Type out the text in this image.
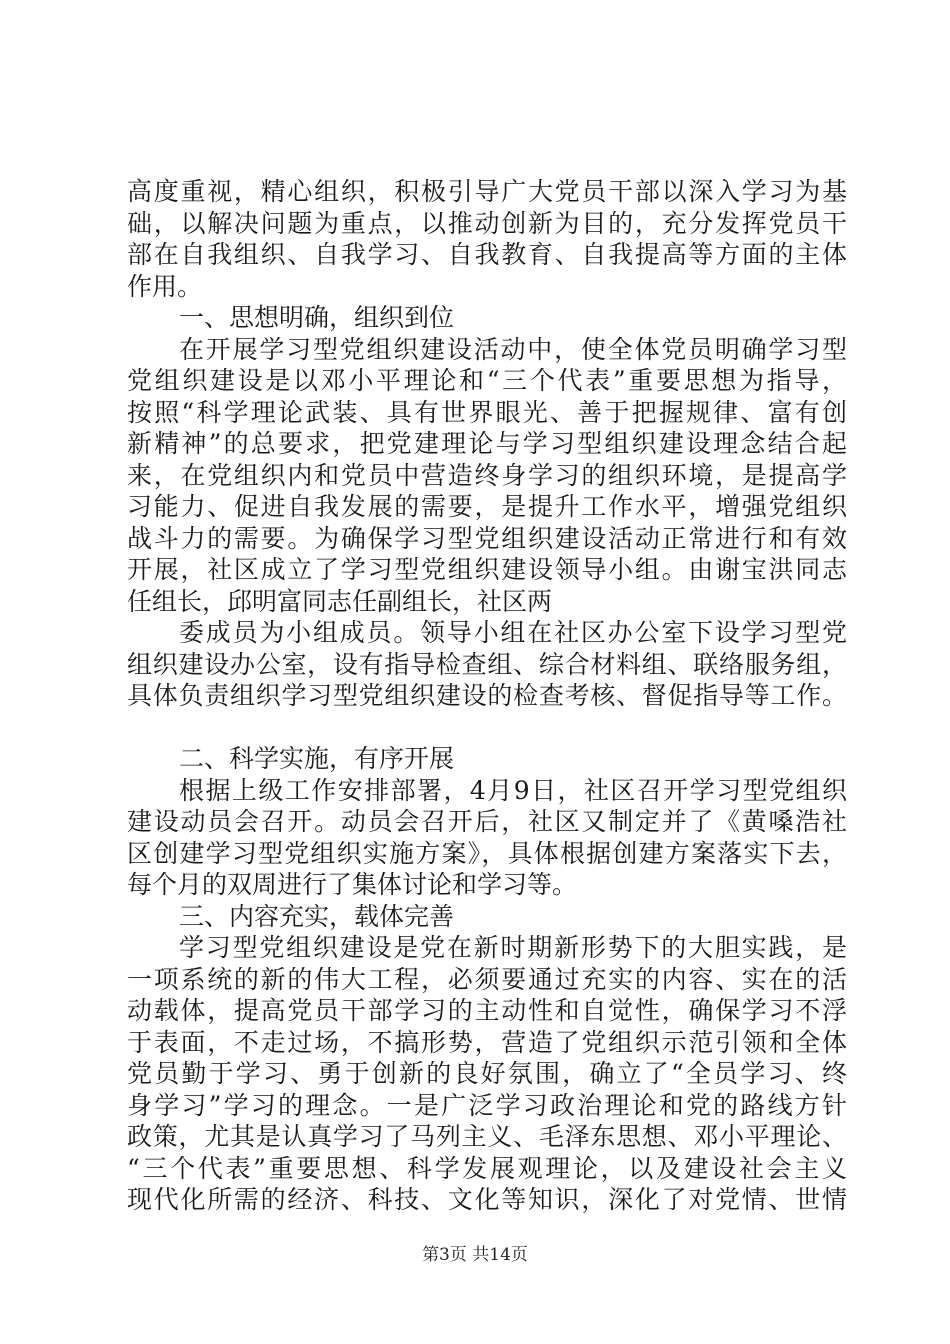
高度重视，精心组织，积极引导广大党员干部以深入学习为基
础，以解决问题为重点，以推动创新为目的，充分发挥党员干
部在自我组织、自我学习、自我教育、自我提高等方面的主体
作用。
一、思想明确，组织到位
在开展学习型党组织建设活动中，使全体党员明确学习型
党组织建设是以邓小平理论和“三个代表”重要思想为指导，
按照“科学理论武装、具有世界眼光、善于把握规律、富有创
新精神”的总要求，把党建理论与学习型组织建设理念结合起
来，在党组织内和党员中营造终身学习的组织环境，是提高学
习能力、促进自我发展的需要，是提升工作水平，增强党组织
战斗力的需要。为确保学习型党组织建设活动正常进行和有效
开展，社区成立了学习型党组织建设领导小组。由谢宝洪同志
任组长，邱明富同志任副组长，社区两
委成员为小组成员。领导小组在社区办公室下设学习型党
组织建设办公室，设有指导检查组、综合材料组、联络服务组，
具体负责组织学习型党组织建设的检查考核、督促指导等工作。
二、科学实施，有序开展
根据上级工作安排部署，4月9日，社区召开学习型党组织
建设动员会召开。动员会召开后，社区又制定并了《黄嗓浩社
区创建学习型党组织实施方案》，具体根据创建方案落实下去，
每个月的双周进行了集体讨论和学习等。
三、内容充实，载体完善
学习型党组织建设是党在新时期新形势下的大胆实践，是
一项系统的新的伟大工程，必须要通过充实的内容、实在的活
动载体，提高党员干部学习的主动性和自觉性，确保学习不浮
于表面，不走过场，不搞形势，营造了党组织示范引领和全体
党员勤于学习、勇于创新的良好氛围，确立了“全员学习、终
身学习”学习的理念。一是广泛学习政治理论和党的路线方针
政策，尤其是认真学习了马列主义、毛泽东思想、邓小平理论、
“三个代表”重要思想、科学发展观理论，以及建设社会主义
现代化所需的经济、科技、文化等知识，深化了对党情、世情
第3页 共14页
